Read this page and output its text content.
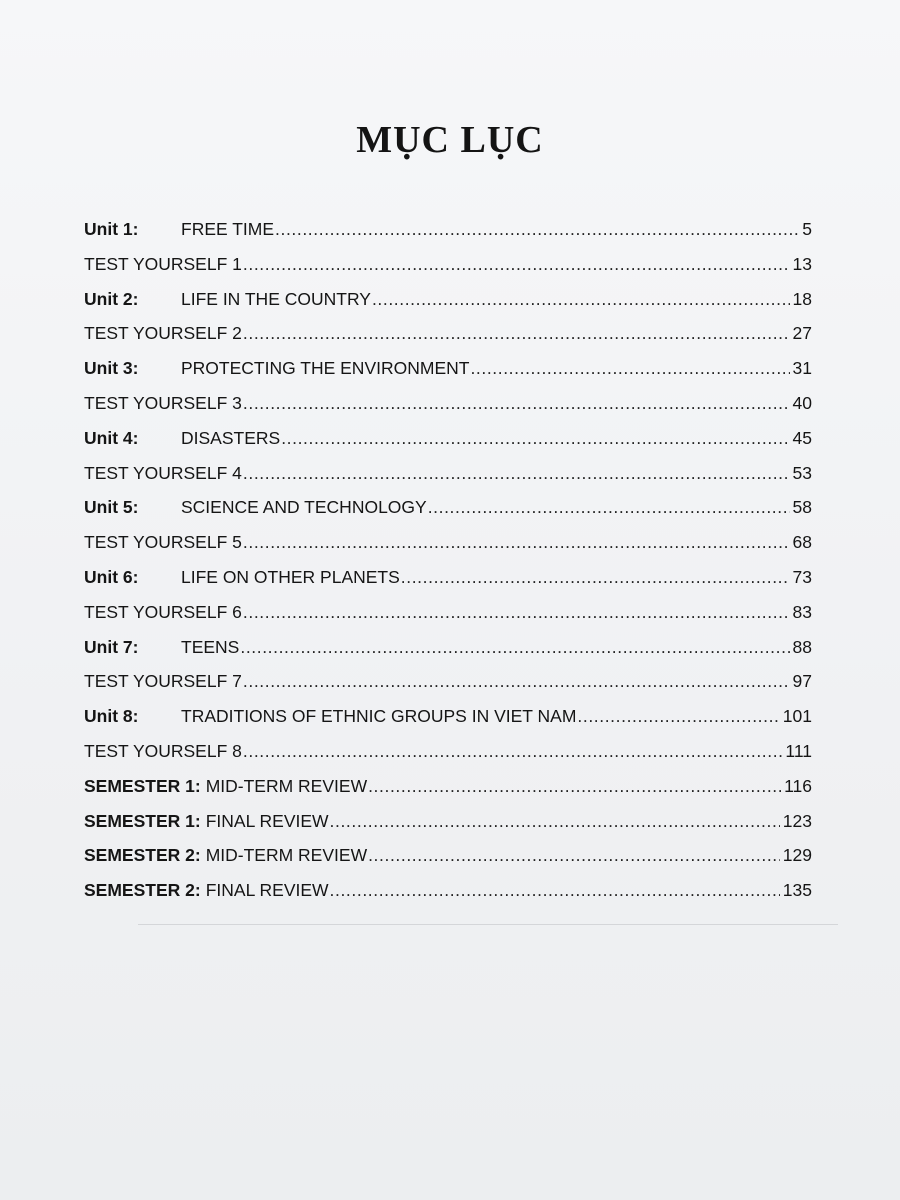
MỤC LỤC
Unit 1:	FREE TIME .....	5
TEST YOURSELF 1 .....	13
Unit 2:	LIFE IN THE COUNTRY .....	18
TEST YOURSELF 2 .....	27
Unit 3:	PROTECTING THE ENVIRONMENT .....	31
TEST YOURSELF 3 .....	40
Unit 4:	DISASTERS .....	45
TEST YOURSELF 4 .....	53
Unit 5:	SCIENCE AND TECHNOLOGY .....	58
TEST YOURSELF 5 .....	68
Unit 6:	LIFE ON OTHER PLANETS .....	73
TEST YOURSELF 6 .....	83
Unit 7:	TEENS .....	88
TEST YOURSELF 7 .....	97
Unit 8:	TRADITIONS OF ETHNIC GROUPS IN VIET NAM .....	101
TEST YOURSELF 8 .....	111
SEMESTER 1: MID-TERM REVIEW .....	116
SEMESTER 1: FINAL REVIEW .....	123
SEMESTER 2: MID-TERM REVIEW .....	129
SEMESTER 2: FINAL REVIEW .....	135
